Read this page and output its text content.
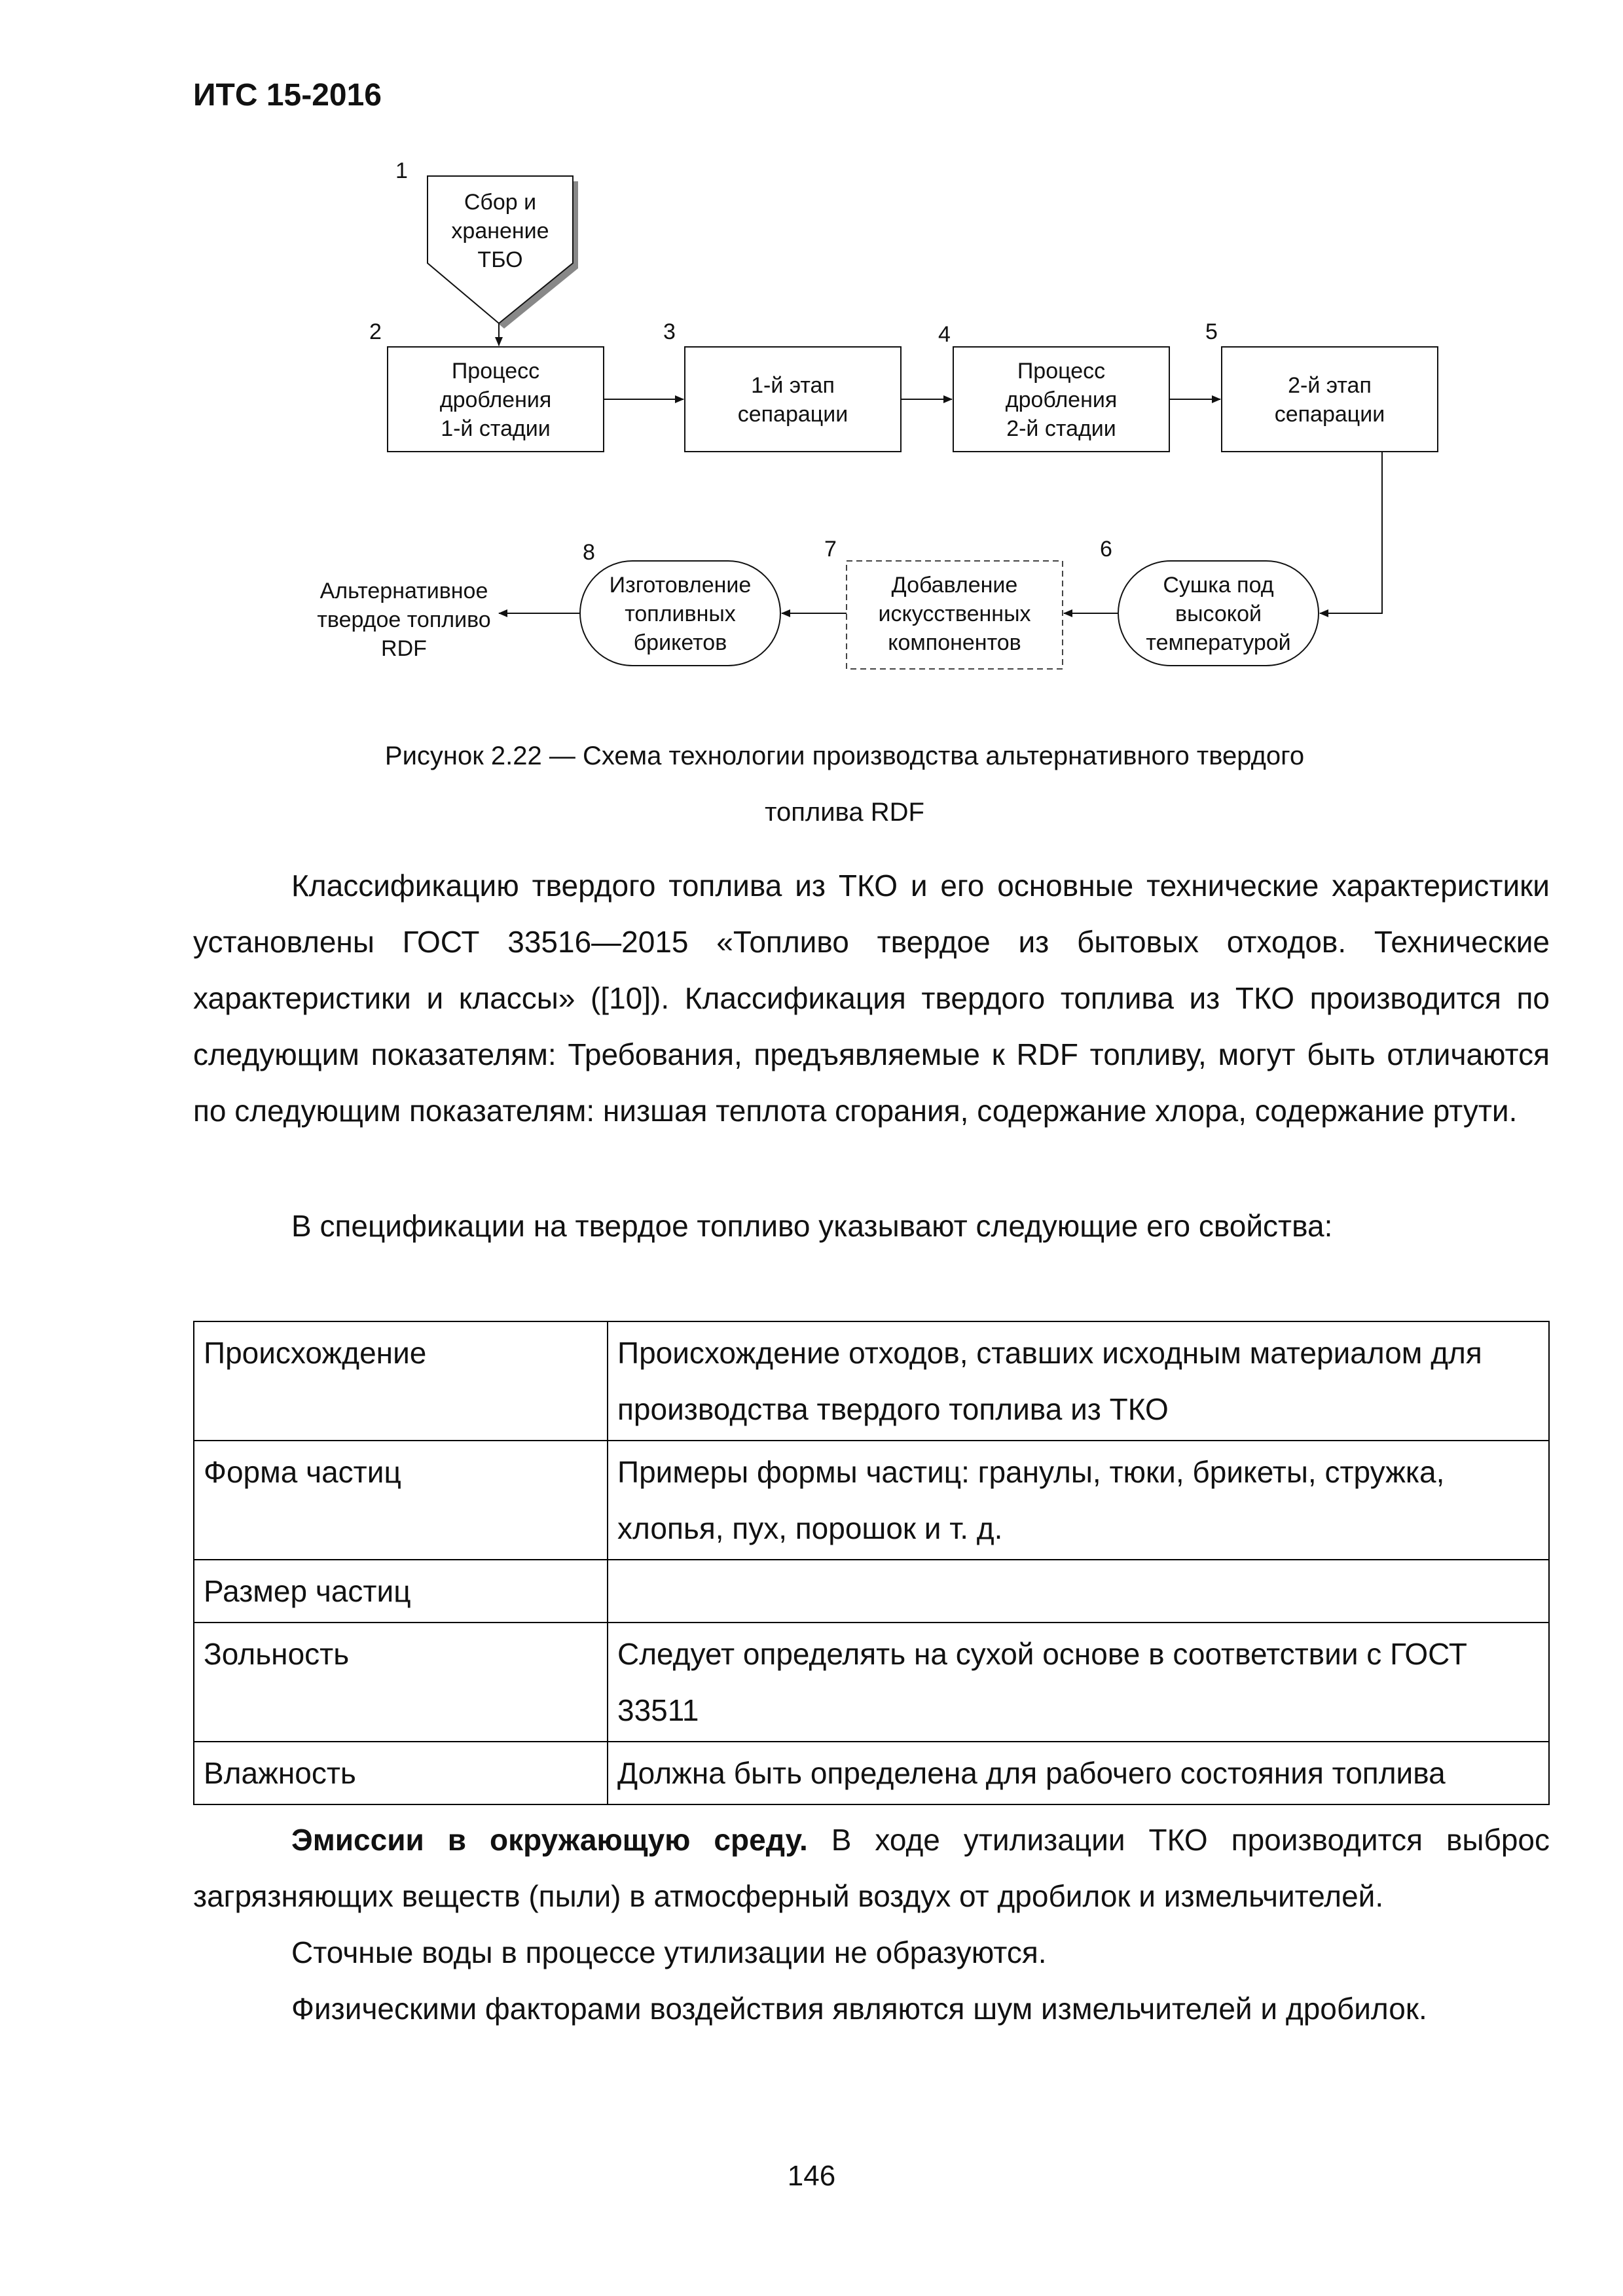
ИТС 15-2016
1
2	3	4	5
6
7
8
Сбор и
хранение
ТБО
Процесс
дробления
1-й стадии
1-й этап
сепарации
Процесс
дробления
2-й стадии
2-й этап
сепарации
Сушка под
высокой
температурой
Добавление
искусственных
компонентов
Изготовление
топливных
брикетов
Альтернативное
твердое топливо
RDF
Рисунок 2.22 — Схема технологии производства альтернативного твердого
топлива RDF

Классификацию твердого топлива из ТКО и его основные технические характеристики установлены ГОСТ 33516—2015 «Топливо твердое из бытовых отходов. Технические характеристики и классы» ([10]). Классификация твердого топлива из ТКО производится по следующим показателям: Требования, предъявляемые к RDF топливу, могут быть отличаются по следующим показателям: низшая теплота сгорания, содержание хлора, содержание ртути.

В спецификации на твердое топливо указывают следующие его свойства:

Происхождение	Происхождение отходов, ставших исходным материалом для производства твердого топлива из ТКО
Форма частиц	Примеры формы частиц: гранулы, тюки, брикеты, стружка, хлопья, пух, порошок и т. д.
Размер частиц	
Зольность	Следует определять на сухой основе в соответствии с ГОСТ 33511
Влажность	Должна быть определена для рабочего состояния топлива

Эмиссии в окружающую среду. В ходе утилизации ТКО производится выброс загрязняющих веществ (пыли) в атмосферный воздух от дробилок и измельчителей.

Сточные воды в процессе утилизации не образуются.

Физическими факторами воздействия являются шум измельчителей и дробилок.

146
